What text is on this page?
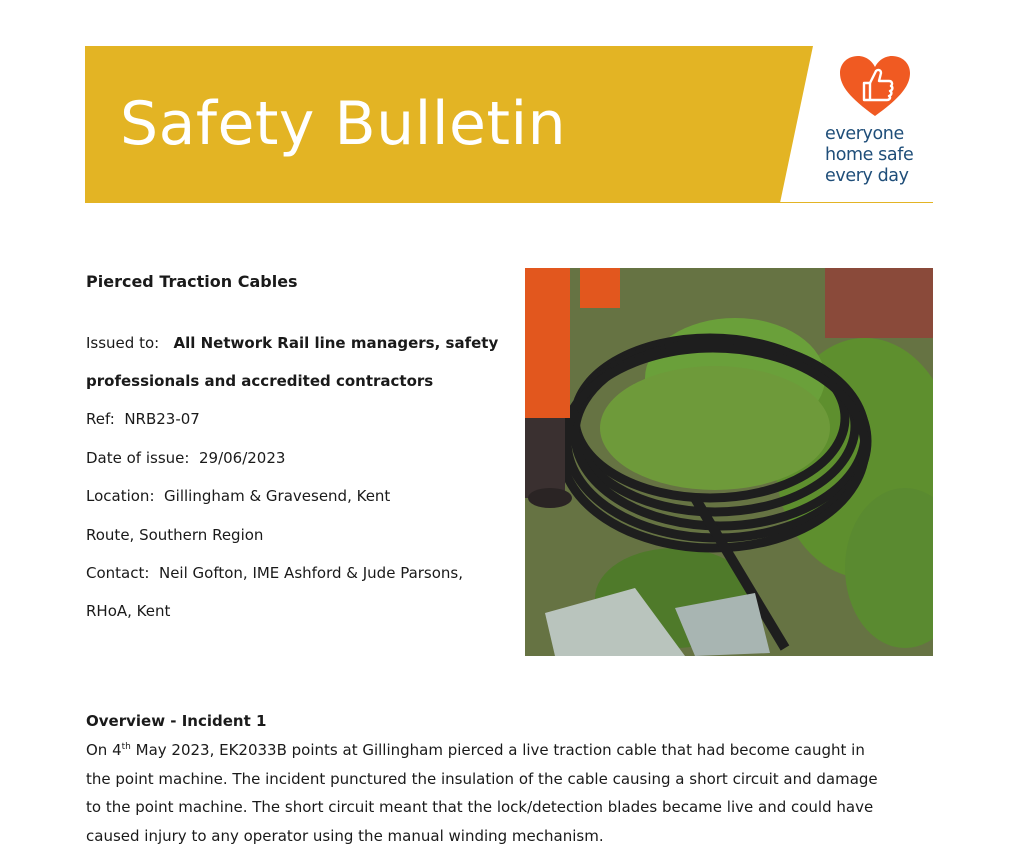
Safety Bulletin	everyone
home safe
every day
Pierced Traction Cables
Issued to: All Network Rail line managers, safety
professionals and accredited contractors
Ref: NRB23-07
Date of issue: 29/06/2023
Location: Gillingham & Gravesend, Kent
Route, Southern Region
Contact: Neil Gofton, IME Ashford & Jude Parsons,
RHoA, Kent
Overview - Incident 1
On 4th May 2023, EK2033B points at Gillingham pierced a live traction cable that had become caught in
the point machine. The incident punctured the insulation of the cable causing a short circuit and damage
to the point machine. The short circuit meant that the lock/detection blades became live and could have
caused injury to any operator using the manual winding mechanism.
